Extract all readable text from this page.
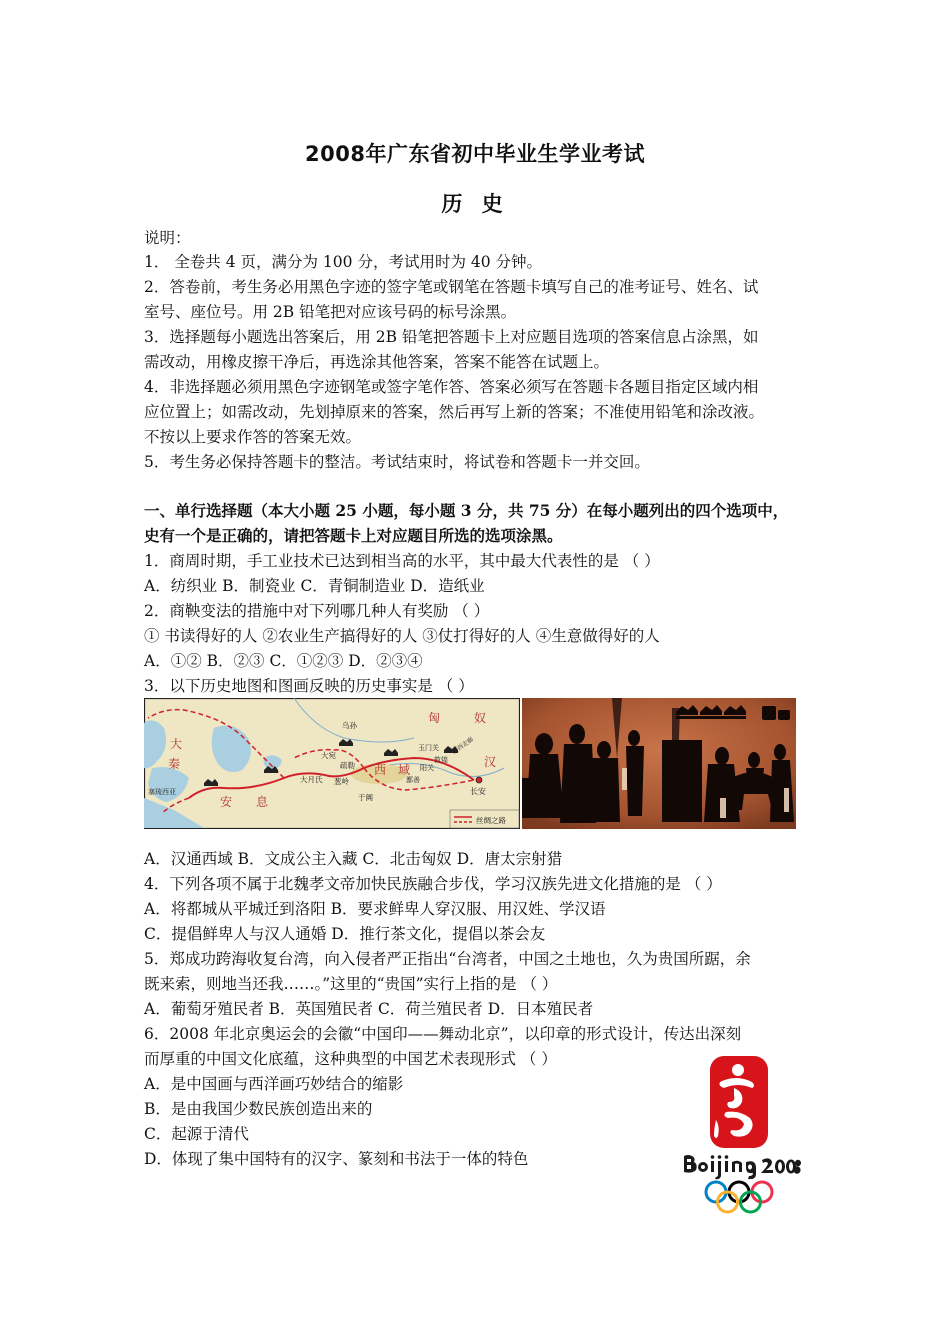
2008年广东省初中毕业生学业考试
历 史
说明：
1． 全卷共 4 页，满分为 100 分，考试用时为 40 分钟。
2．答卷前，考生务必用黑色字迹的签字笔或钢笔在答题卡填写自己的准考证号、姓名、试
室号、座位号。用 2B 铅笔把对应该号码的标号涂黑。
3．选择题每小题选出答案后，用 2B 铅笔把答题卡上对应题目选项的答案信息占涂黑，如
需改动，用橡皮擦干净后，再选涂其他答案，答案不能答在试题上。
4．非选择题必须用黑色字迹钢笔或签字笔作答、答案必须写在答题卡各题目指定区域内相
应位置上；如需改动，先划掉原来的答案，然后再写上新的答案；不准使用铅笔和涂改液。
不按以上要求作答的答案无效。
5．考生务必保持答题卡的整洁。考试结束时，将试卷和答题卡一并交回。
一、单行选择题（本大小题 25 小题，每小题 3 分，共 75 分）在每小题列出的四个选项中，
史有一个是正确的，请把答题卡上对应题目所选的选项涂黑。
1．商周时期，手工业技术已达到相当高的水平，其中最大代表性的是 （ ）
A．纺织业 B．制瓷业 C．青铜制造业 D．造纸业
2．商鞅变法的措施中对下列哪几种人有奖励 （ ）
① 书读得好的人 ②农业生产搞得好的人 ③仗打得好的人 ④生意做得好的人
A．①② B．②③ C．①②③ D．②③④
3．以下历史地图和图画反映的历史事实是 （ ）
匈	奴
大
秦
安 息
大宛
乌孙
疏勒
大月氏 葱岭
于阗
西 域
玉门关
敦煌
阳关
鄯善
河西走廊
汉
长安
塞琉西亚
丝绸之路
A．汉通西域 B．文成公主入藏 C．北击匈奴 D．唐太宗射猎
4．下列各项不属于北魏孝文帝加快民族融合步伐，学习汉族先进文化措施的是 （ ）
A．将都城从平城迁到洛阳 B．要求鲜卑人穿汉服、用汉姓、学汉语
C．提倡鲜卑人与汉人通婚 D．推行茶文化，提倡以茶会友
5．郑成功跨海收复台湾，向入侵者严正指出“台湾者，中国之土地也，久为贵国所踞，余
既来索，则地当还我……。”这里的“贵国”实行上指的是 （ ）
A．葡萄牙殖民者 B．英国殖民者 C．荷兰殖民者 D．日本殖民者
6．2008 年北京奥运会的会徽“中国印——舞动北京”，以印章的形式设计，传达出深刻
而厚重的中国文化底蕴，这种典型的中国艺术表现形式 （ ）
A．是中国画与西洋画巧妙结合的缩影
B．是由我国少数民族创造出来的
C．起源于清代
D．体现了集中国特有的汉字、篆刻和书法于一体的特色
